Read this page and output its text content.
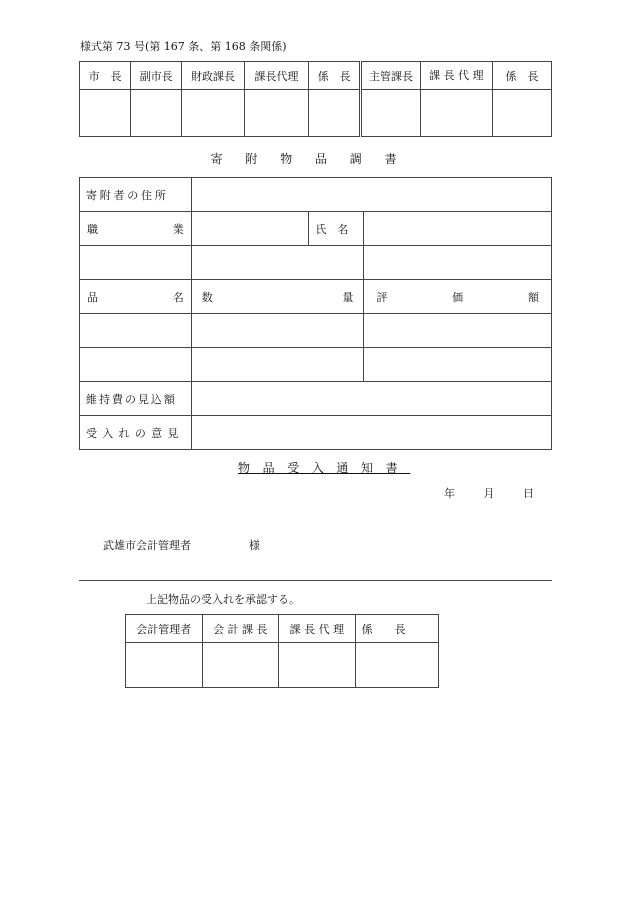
様式第 73 号(第 167 条、第 168 条関係)
市　長	副市長	財政課長	課長代理	係　長	主管課長	課 長 代 理	係　長

寄附物品調書
寄附者の住所			

職 業		氏　名	

品 名	数 量		評 価 額

維持費の見込額			
受入れの意見			
物品受入通知書
年	月	日
武雄市会計管理者	様
上記物品の受入れを承認する。
会計管理者	会 計 課 長	課 長 代 理	係　　長
